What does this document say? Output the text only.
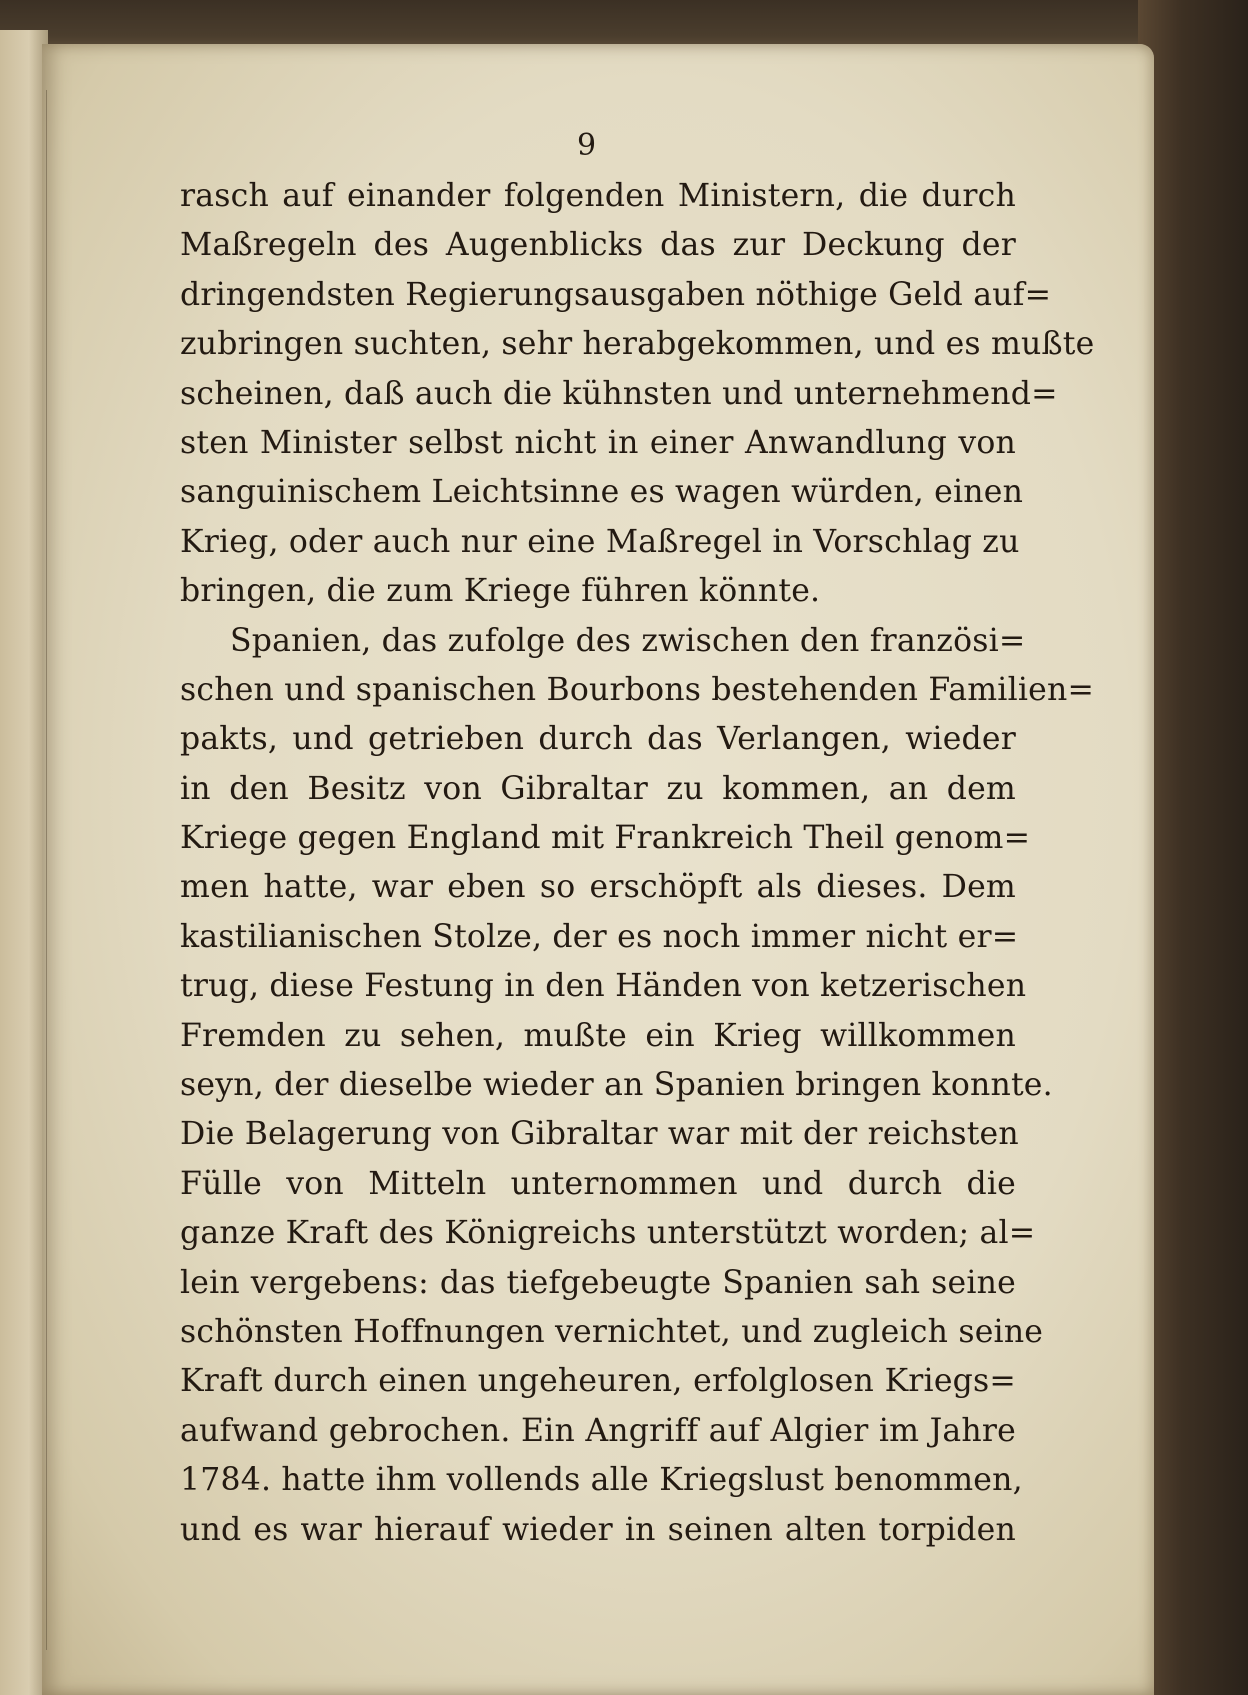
9
rasch auf einander folgenden Ministern, die durch
Maßregeln des Augenblicks das zur Deckung der
dringendsten Regierungsausgaben nöthige Geld auf=
zubringen suchten, sehr herabgekommen, und es mußte
scheinen, daß auch die kühnsten und unternehmend=
sten Minister selbst nicht in einer Anwandlung von
sanguinischem Leichtsinne es wagen würden, einen
Krieg, oder auch nur eine Maßregel in Vorschlag zu
bringen, die zum Kriege führen könnte.
Spanien, das zufolge des zwischen den französi=
schen und spanischen Bourbons bestehenden Familien=
pakts, und getrieben durch das Verlangen, wieder
in den Besitz von Gibraltar zu kommen, an dem
Kriege gegen England mit Frankreich Theil genom=
men hatte, war eben so erschöpft als dieses. Dem
kastilianischen Stolze, der es noch immer nicht er=
trug, diese Festung in den Händen von ketzerischen
Fremden zu sehen, mußte ein Krieg willkommen
seyn, der dieselbe wieder an Spanien bringen konnte.
Die Belagerung von Gibraltar war mit der reichsten
Fülle von Mitteln unternommen und durch die
ganze Kraft des Königreichs unterstützt worden; al=
lein vergebens: das tiefgebeugte Spanien sah seine
schönsten Hoffnungen vernichtet, und zugleich seine
Kraft durch einen ungeheuren, erfolglosen Kriegs=
aufwand gebrochen. Ein Angriff auf Algier im Jahre
1784. hatte ihm vollends alle Kriegslust benommen,
und es war hierauf wieder in seinen alten torpiden
